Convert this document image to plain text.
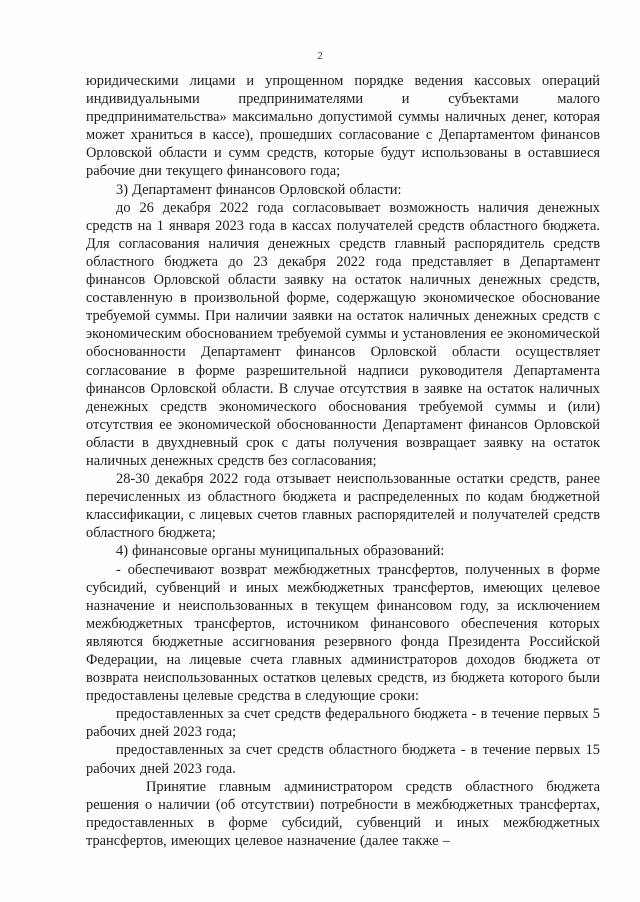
2

юридическими лицами и упрощенном порядке ведения кассовых операций индивидуальными предпринимателями и субъектами малого предпринимательства» максимально допустимой суммы наличных денег, которая может храниться в кассе), прошедших согласование с Департаментом финансов Орловской области и сумм средств, которые будут использованы в оставшиеся рабочие дни текущего финансового года;

3) Департамент финансов Орловской области:

до 26 декабря 2022 года согласовывает возможность наличия денежных средств на 1 января 2023 года в кассах получателей средств областного бюджета. Для согласования наличия денежных средств главный распорядитель средств областного бюджета до 23 декабря 2022 года представляет в Департамент финансов Орловской области заявку на остаток наличных денежных средств, составленную в произвольной форме, содержащую экономическое обоснование требуемой суммы. При наличии заявки на остаток наличных денежных средств с экономическим обоснованием требуемой суммы и установления ее экономической обоснованности Департамент финансов Орловской области осуществляет согласование в форме разрешительной надписи руководителя Департамента финансов Орловской области. В случае отсутствия в заявке на остаток наличных денежных средств экономического обоснования требуемой суммы и (или) отсутствия ее экономической обоснованности Департамент финансов Орловской области в двухдневный срок с даты получения возвращает заявку на остаток наличных денежных средств без согласования;

28-30 декабря 2022 года отзывает неиспользованные остатки средств, ранее перечисленных из областного бюджета и распределенных по кодам бюджетной классификации, с лицевых счетов главных распорядителей и получателей средств областного бюджета;

4) финансовые органы муниципальных образований:

- обеспечивают возврат межбюджетных трансфертов, полученных в форме субсидий, субвенций и иных межбюджетных трансфертов, имеющих целевое назначение и неиспользованных в текущем финансовом году, за исключением межбюджетных трансфертов, источником финансового обеспечения которых являются бюджетные ассигнования резервного фонда Президента Российской Федерации, на лицевые счета главных администраторов доходов бюджета от возврата неиспользованных остатков целевых средств, из бюджета которого были предоставлены целевые средства в следующие сроки:

предоставленных за счет средств федерального бюджета - в течение первых 5 рабочих дней 2023 года;

предоставленных за счет средств областного бюджета - в течение первых 15 рабочих дней 2023 года.

Принятие главным администратором средств областного бюджета решения о наличии (об отсутствии) потребности в межбюджетных трансфертах, предоставленных в форме субсидий, субвенций и иных межбюджетных трансфертов, имеющих целевое назначение (далее также –
